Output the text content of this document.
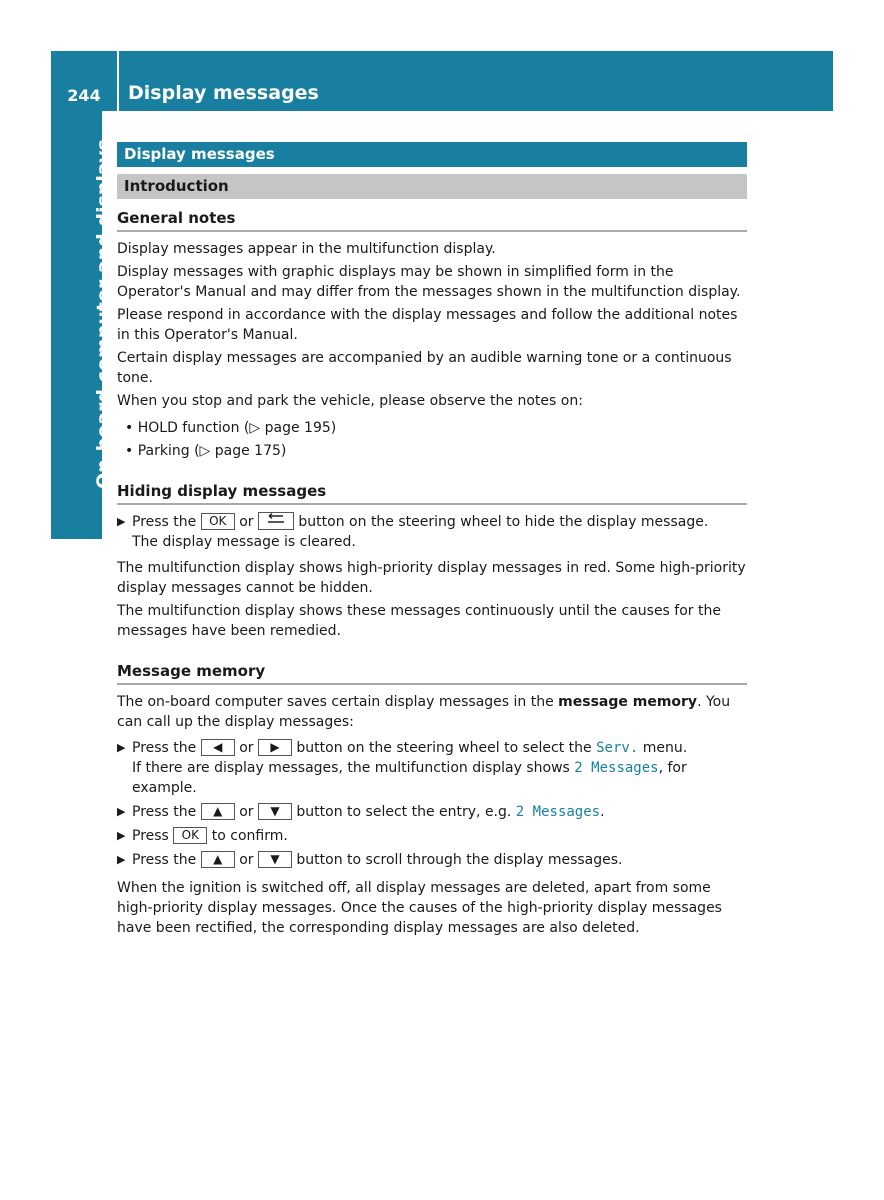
244	Display messages
On-board computer and displays Display messages
Introduction
General notes

Display messages appear in the multifunction display.

Display messages with graphic displays may be shown in simplified form in the Operator's Manual and may differ from the messages shown in the multifunction display.

Please respond in accordance with the display messages and follow the additional notes in this Operator's Manual.

Certain display messages are accompanied by an audible warning tone or a continuous tone.

When you stop and park the vehicle, please observe the notes on:

• HOLD function (▷ page 195)

• Parking (▷ page 175)

Hiding display messages
▶ Press the OK or	button on the steering wheel to hide the display message.
The display message is cleared.

The multifunction display shows high-priority display messages in red. Some high-priority display messages cannot be hidden.

The multifunction display shows these messages continuously until the causes for the messages have been remedied.

Message memory

The on-board computer saves certain display messages in the message memory. You can call up the display messages:

▶ Press the ◀ or ▶ button on the steering wheel to select the Serv. menu.
If there are display messages, the multifunction display shows 2 Messages, for example.
▶ Press the ▲ or ▼ button to select the entry, e.g. 2 Messages.
▶ Press OK to confirm.
▶ Press the ▲ or ▼ button to scroll through the display messages.

When the ignition is switched off, all display messages are deleted, apart from some high-priority display messages. Once the causes of the high-priority display messages have been rectified, the corresponding display messages are also deleted.
